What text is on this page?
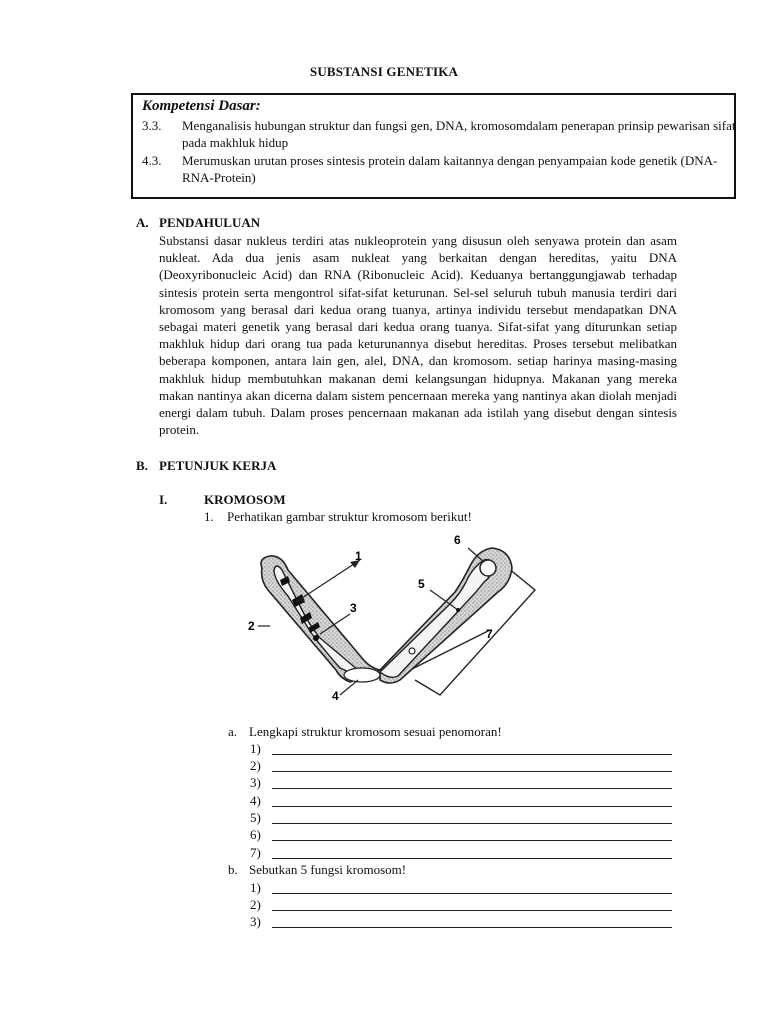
SUBSTANSI GENETIKA
Kompetensi Dasar:
3.3.	Menganalisis hubungan struktur dan fungsi gen, DNA, kromosomdalam penerapan prinsip pewarisan sifat pada makhluk hidup
4.3.	Merumuskan urutan proses sintesis protein dalam kaitannya dengan penyampaian kode genetik (DNA-RNA-Protein)
A. PENDAHULUAN

Substansi dasar nukleus terdiri atas nukleoprotein yang disusun oleh senyawa protein dan asam nukleat. Ada dua jenis asam nukleat yang berkaitan dengan hereditas, yaitu DNA (Deoxyribonucleic Acid) dan RNA (Ribonucleic Acid). Keduanya bertanggungjawab terhadap sintesis protein serta mengontrol sifat-sifat keturunan. Sel-sel seluruh tubuh manusia terdiri dari kromosom yang berasal dari kedua orang tuanya, artinya individu tersebut mendapatkan DNA sebagai materi genetik yang berasal dari kedua orang tuanya. Sifat-sifat yang diturunkan setiap makhluk hidup dari orang tua pada keturunannya disebut hereditas. Proses tersebut melibatkan beberapa komponen, antara lain gen, alel, DNA, dan kromosom. setiap harinya masing-masing makhluk hidup membutuhkan makanan demi kelangsungan hidupnya. Makanan yang mereka makan nantinya akan dicerna dalam sistem pencernaan mereka yang nantinya akan diolah menjadi energi dalam tubuh. Dalam proses pencernaan makanan ada istilah yang disebut dengan sintesis protein.

B. PETUNJUK KERJA
I.	KROMOSOM
1. Perhatikan gambar struktur kromosom berikut!
1
2
3
4
5
6
7
a. Lengkapi struktur kromosom sesuai penomoran!
1)
2)
3)
4)
5)
6)
7)
b. Sebutkan 5 fungsi kromosom!
1)
2)
3)
